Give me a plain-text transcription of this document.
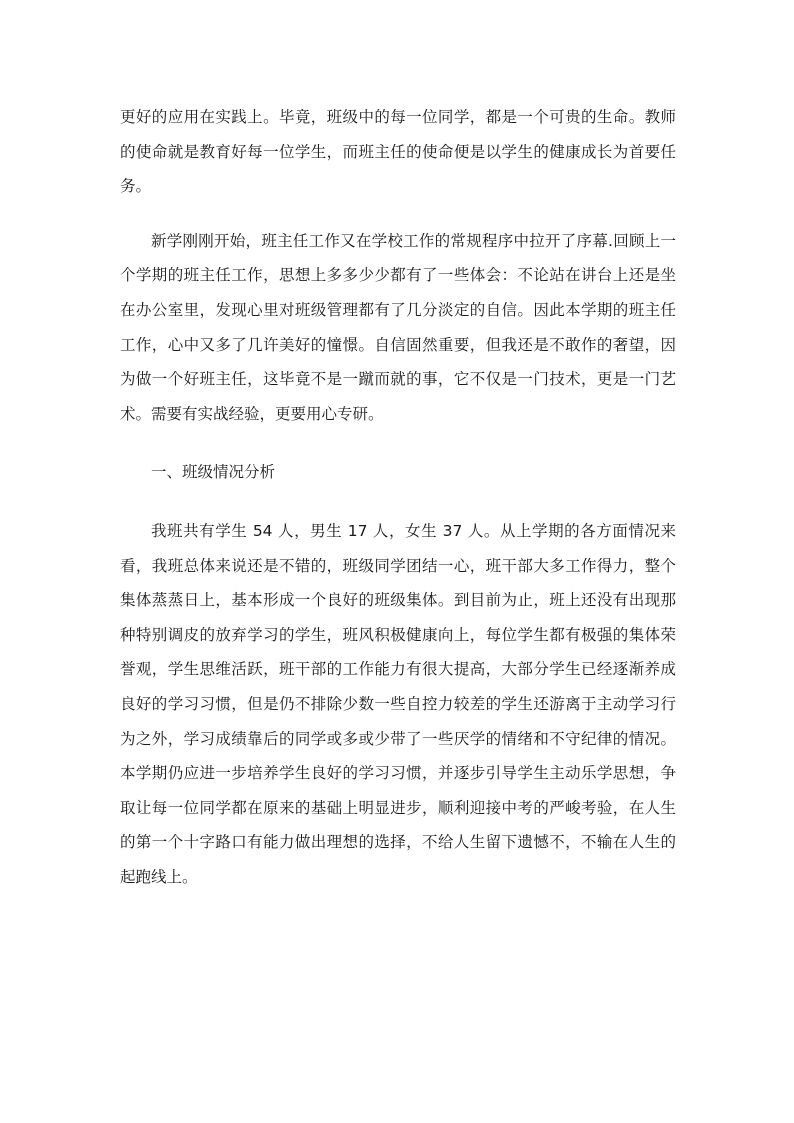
更好的应用在实践上。毕竟，班级中的每一位同学，都是一个可贵的生命。教师的使命就是教育好每一位学生，而班主任的使命便是以学生的健康成长为首要任务。

新学刚刚开始，班主任工作又在学校工作的常规程序中拉开了序幕.回顾上一个学期的班主任工作，思想上多多少少都有了一些体会：不论站在讲台上还是坐在办公室里，发现心里对班级管理都有了几分淡定的自信。因此本学期的班主任工作，心中又多了几许美好的憧憬。自信固然重要，但我还是不敢作的奢望，因为做一个好班主任，这毕竟不是一蹴而就的事，它不仅是一门技术，更是一门艺术。需要有实战经验，更要用心专研。

一、班级情况分析

我班共有学生 54 人，男生 17 人，女生 37 人。从上学期的各方面情况来看，我班总体来说还是不错的，班级同学团结一心，班干部大多工作得力，整个集体蒸蒸日上，基本形成一个良好的班级集体。到目前为止，班上还没有出现那种特别调皮的放弃学习的学生，班风积极健康向上，每位学生都有极强的集体荣誉观，学生思维活跃，班干部的工作能力有很大提高，大部分学生已经逐渐养成良好的学习习惯，但是仍不排除少数一些自控力较差的学生还游离于主动学习行为之外，学习成绩靠后的同学或多或少带了一些厌学的情绪和不守纪律的情况。本学期仍应进一步培养学生良好的学习习惯，并逐步引导学生主动乐学思想，争取让每一位同学都在原来的基础上明显进步，顺利迎接中考的严峻考验，在人生的第一个十字路口有能力做出理想的选择，不给人生留下遗憾不，不输在人生的起跑线上。
